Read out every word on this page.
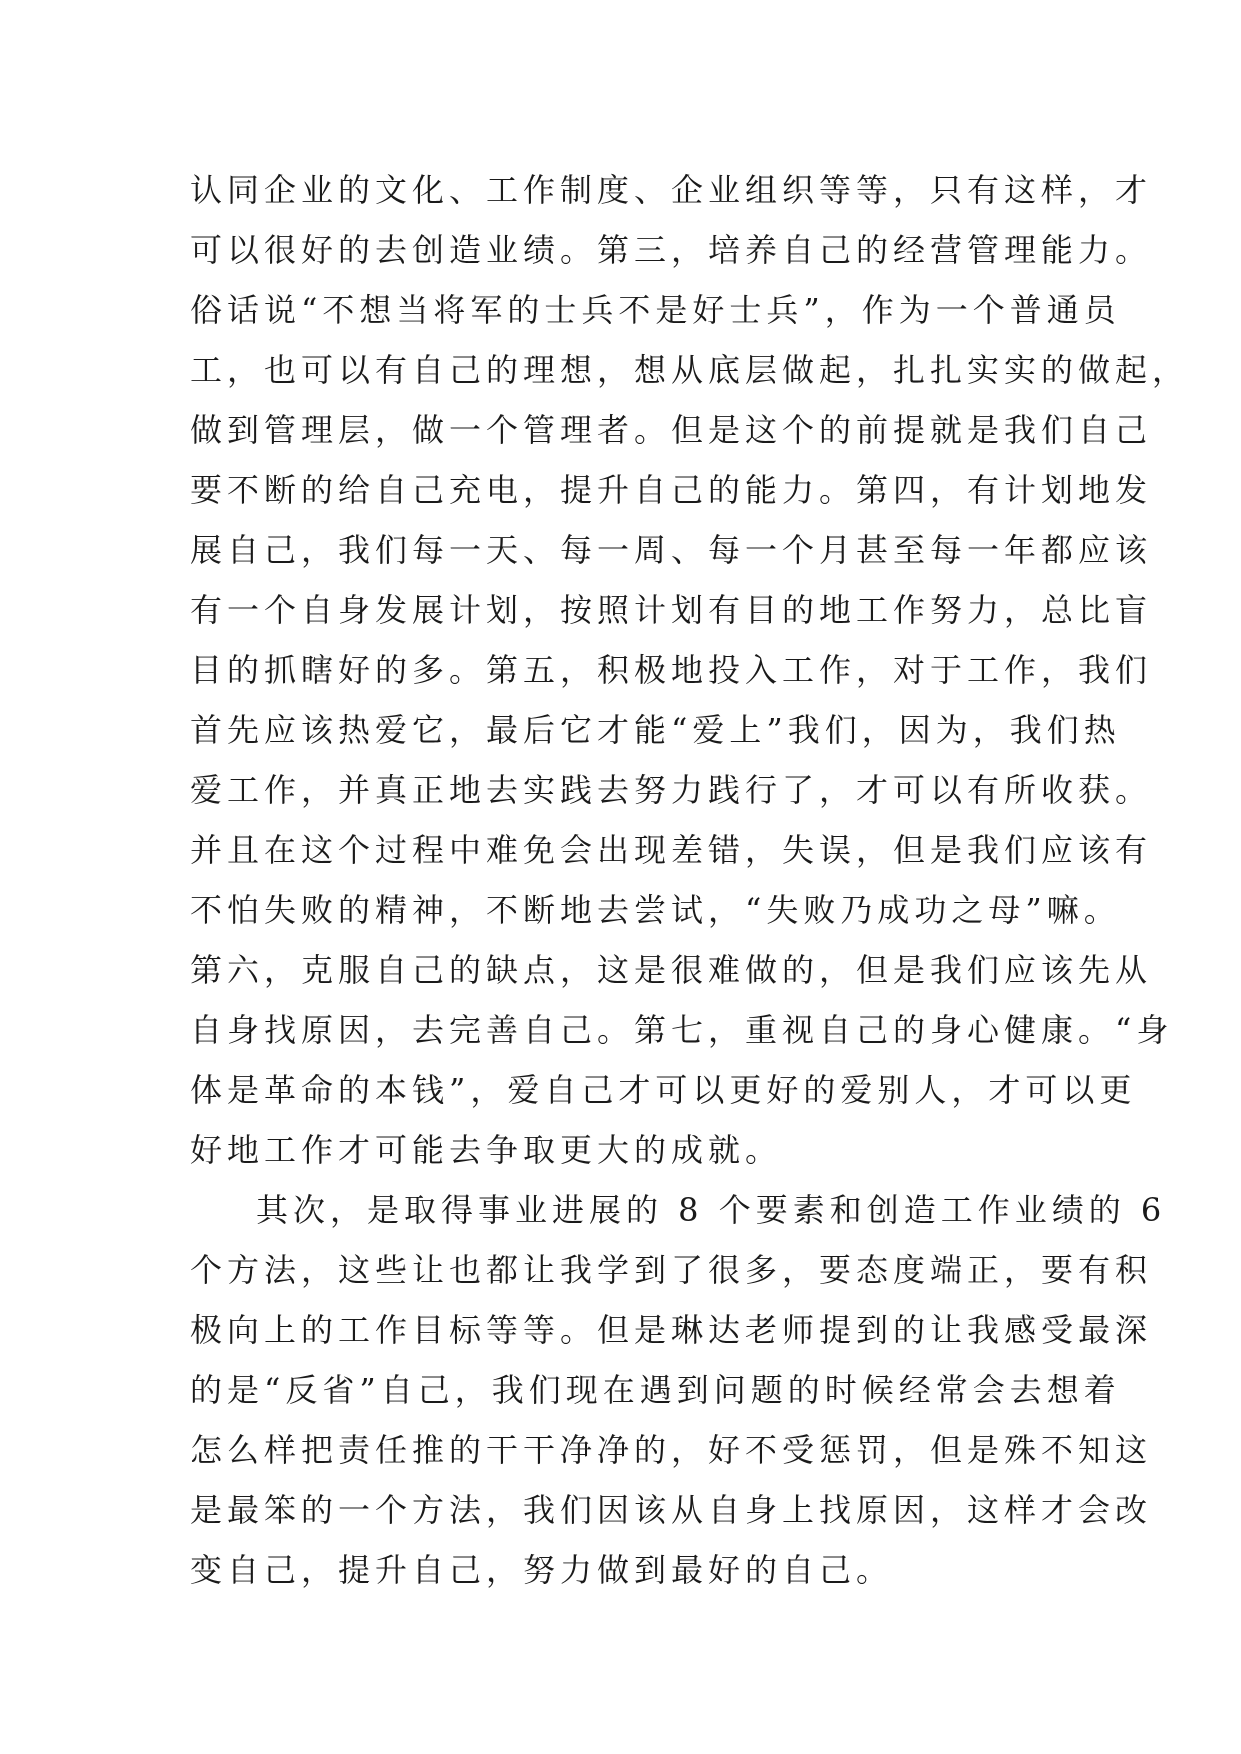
认同企业的文化、工作制度、企业组织等等，只有这样，才
可以很好的去创造业绩。第三，培养自己的经营管理能力。
俗话说“不想当将军的士兵不是好士兵”，作为一个普通员
工，也可以有自己的理想，想从底层做起，扎扎实实的做起，
做到管理层，做一个管理者。但是这个的前提就是我们自己
要不断的给自己充电，提升自己的能力。第四，有计划地发
展自己，我们每一天、每一周、每一个月甚至每一年都应该
有一个自身发展计划，按照计划有目的地工作努力，总比盲
目的抓瞎好的多。第五，积极地投入工作，对于工作，我们
首先应该热爱它，最后它才能“爱上”我们，因为，我们热
爱工作，并真正地去实践去努力践行了，才可以有所收获。
并且在这个过程中难免会出现差错，失误，但是我们应该有
不怕失败的精神，不断地去尝试，“失败乃成功之母”嘛。
第六，克服自己的缺点，这是很难做的，但是我们应该先从
自身找原因，去完善自己。第七，重视自己的身心健康。“身
体是革命的本钱”，爱自己才可以更好的爱别人，才可以更
好地工作才可能去争取更大的成就。
其次，是取得事业进展的 8 个要素和创造工作业绩的 6
个方法，这些让也都让我学到了很多，要态度端正，要有积
极向上的工作目标等等。但是琳达老师提到的让我感受最深
的是“反省”自己，我们现在遇到问题的时候经常会去想着
怎么样把责任推的干干净净的，好不受惩罚，但是殊不知这
是最笨的一个方法，我们因该从自身上找原因，这样才会改
变自己，提升自己，努力做到最好的自己。
